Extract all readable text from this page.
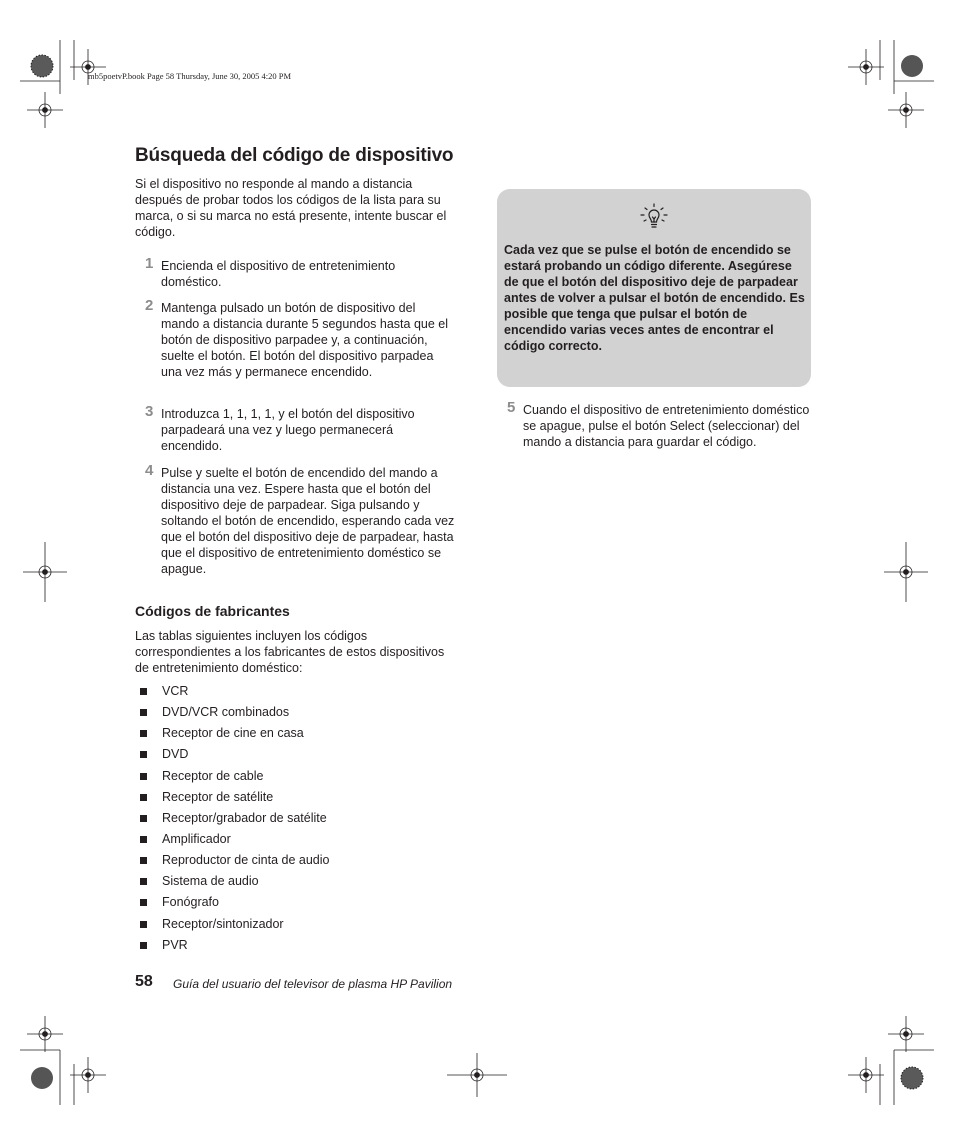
mb5poetvP.book Page 58 Thursday, June 30, 2005 4:20 PM
Búsqueda del código de dispositivo

Si el dispositivo no responde al mando a distancia después de probar todos los códigos de la lista para su marca, o si su marca no está presente, intente buscar el código.

1 Encienda el dispositivo de entretenimiento doméstico.

2 Mantenga pulsado un botón de dispositivo del mando a distancia durante 5 segundos hasta que el botón de dispositivo parpadee y, a continuación, suelte el botón. El botón del dispositivo parpadea una vez más y permanece encendido.

3 Introduzca 1, 1, 1, 1, y el botón del dispositivo parpadeará una vez y luego permanecerá encendido.

4 Pulse y suelte el botón de encendido del mando a distancia una vez. Espere hasta que el botón del dispositivo deje de parpadear. Siga pulsando y soltando el botón de encendido, esperando cada vez que el botón del dispositivo deje de parpadear, hasta que el dispositivo de entretenimiento doméstico se apague.

Códigos de fabricantes

Las tablas siguientes incluyen los códigos correspondientes a los fabricantes de estos dispositivos de entretenimiento doméstico:

VCR
DVD/VCR combinados
Receptor de cine en casa
DVD
Receptor de cable
Receptor de satélite
Receptor/grabador de satélite
Amplificador
Reproductor de cinta de audio
Sistema de audio
Fonógrafo
Receptor/sintonizador
PVR

Cada vez que se pulse el botón de encendido se estará probando un código diferente. Asegúrese de que el botón del dispositivo deje de parpadear antes de volver a pulsar el botón de encendido. Es posible que tenga que pulsar el botón de encendido varias veces antes de encontrar el código correcto.

5 Cuando el dispositivo de entretenimiento doméstico se apague, pulse el botón Select (seleccionar) del mando a distancia para guardar el código.

58 Guía del usuario del televisor de plasma HP Pavilion
